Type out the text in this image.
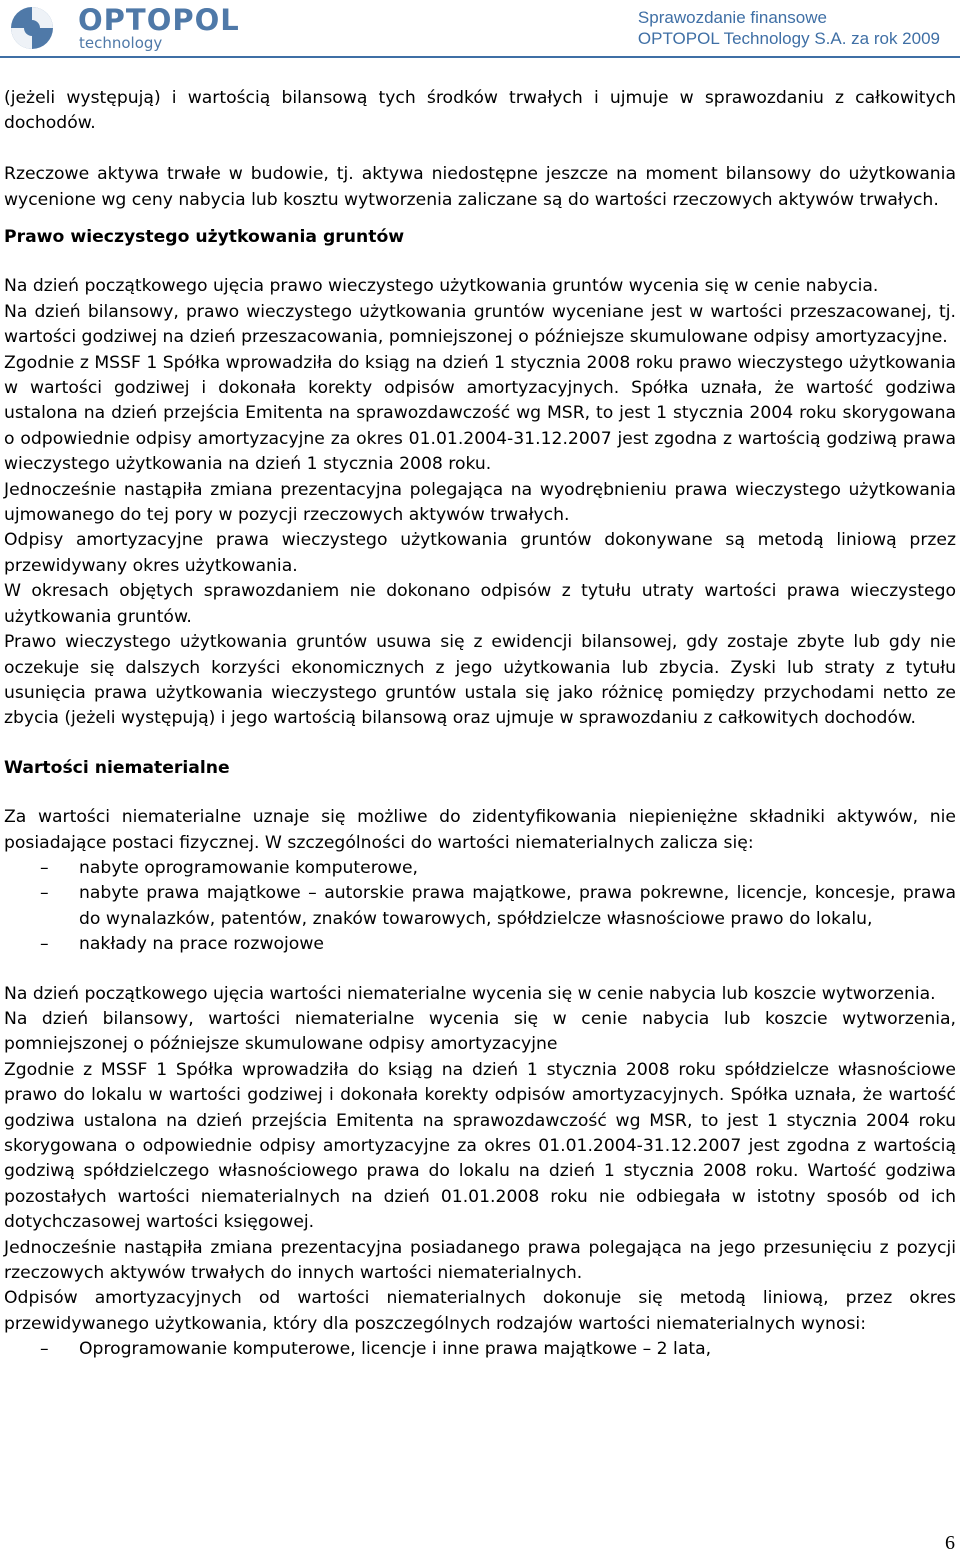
OPTOPOL
technology
Sprawozdanie finansowe
OPTOPOL Technology S.A. za rok 2009

(jeżeli występują) i wartością bilansową tych środków trwałych i ujmuje w sprawozdaniu z całkowitych dochodów.

Rzeczowe aktywa trwałe w budowie, tj. aktywa niedostępne jeszcze na moment bilansowy do użytkowania wycenione wg ceny nabycia lub kosztu wytworzenia zaliczane są do wartości rzeczowych aktywów trwałych.

Prawo wieczystego użytkowania gruntów

Na dzień początkowego ujęcia prawo wieczystego użytkowania gruntów wycenia się w cenie nabycia.

Na dzień bilansowy, prawo wieczystego użytkowania gruntów wyceniane jest w wartości przeszacowanej, tj. wartości godziwej na dzień przeszacowania, pomniejszonej o późniejsze skumulowane odpisy amortyzacyjne.

Zgodnie z MSSF 1 Spółka wprowadziła do ksiąg na dzień 1 stycznia 2008 roku prawo wieczystego użytkowania w wartości godziwej i dokonała korekty odpisów amortyzacyjnych. Spółka uznała, że wartość godziwa ustalona na dzień przejścia Emitenta na sprawozdawczość wg MSR, to jest 1 stycznia 2004 roku skorygowana o odpowiednie odpisy amortyzacyjne za okres 01.01.2004-31.12.2007 jest zgodna z wartością godziwą prawa wieczystego użytkowania na dzień 1 stycznia 2008 roku.

Jednocześnie nastąpiła zmiana prezentacyjna polegająca na wyodrębnieniu prawa wieczystego użytkowania ujmowanego do tej pory w pozycji rzeczowych aktywów trwałych.

Odpisy amortyzacyjne prawa wieczystego użytkowania gruntów dokonywane są metodą liniową przez przewidywany okres użytkowania.

W okresach objętych sprawozdaniem nie dokonano odpisów z tytułu utraty wartości prawa wieczystego użytkowania gruntów.

Prawo wieczystego użytkowania gruntów usuwa się z ewidencji bilansowej, gdy zostaje zbyte lub gdy nie oczekuje się dalszych korzyści ekonomicznych z jego użytkowania lub zbycia. Zyski lub straty z tytułu usunięcia prawa użytkowania wieczystego gruntów ustala się jako różnicę pomiędzy przychodami netto ze zbycia (jeżeli występują) i jego wartością bilansową oraz ujmuje w sprawozdaniu z całkowitych dochodów.

Wartości niematerialne

Za wartości niematerialne uznaje się możliwe do zidentyfikowania niepieniężne składniki aktywów, nie posiadające postaci fizycznej. W szczególności do wartości niematerialnych zalicza się:

– nabyte oprogramowanie komputerowe,
– nabyte prawa majątkowe – autorskie prawa majątkowe, prawa pokrewne, licencje, koncesje, prawa do wynalazków, patentów, znaków towarowych, spółdzielcze własnościowe prawo do lokalu,
– nakłady na prace rozwojowe

Na dzień początkowego ujęcia wartości niematerialne wycenia się w cenie nabycia lub koszcie wytworzenia.

Na dzień bilansowy, wartości niematerialne wycenia się w cenie nabycia lub koszcie wytworzenia, pomniejszonej o późniejsze skumulowane odpisy amortyzacyjne

Zgodnie z MSSF 1 Spółka wprowadziła do ksiąg na dzień 1 stycznia 2008 roku spółdzielcze własnościowe prawo do lokalu w wartości godziwej i dokonała korekty odpisów amortyzacyjnych. Spółka uznała, że wartość godziwa ustalona na dzień przejścia Emitenta na sprawozdawczość wg MSR, to jest 1 stycznia 2004 roku skorygowana o odpowiednie odpisy amortyzacyjne za okres 01.01.2004-31.12.2007 jest zgodna z wartością godziwą spółdzielczego własnościowego prawa do lokalu na dzień 1 stycznia 2008 roku. Wartość godziwa pozostałych wartości niematerialnych na dzień 01.01.2008 roku nie odbiegała w istotny sposób od ich dotychczasowej wartości księgowej.

Jednocześnie nastąpiła zmiana prezentacyjna posiadanego prawa polegająca na jego przesunięciu z pozycji rzeczowych aktywów trwałych do innych wartości niematerialnych.

Odpisów amortyzacyjnych od wartości niematerialnych dokonuje się metodą liniową, przez okres przewidywanego użytkowania, który dla poszczególnych rodzajów wartości niematerialnych wynosi:

– Oprogramowanie komputerowe, licencje i inne prawa majątkowe – 2 lata,
6
